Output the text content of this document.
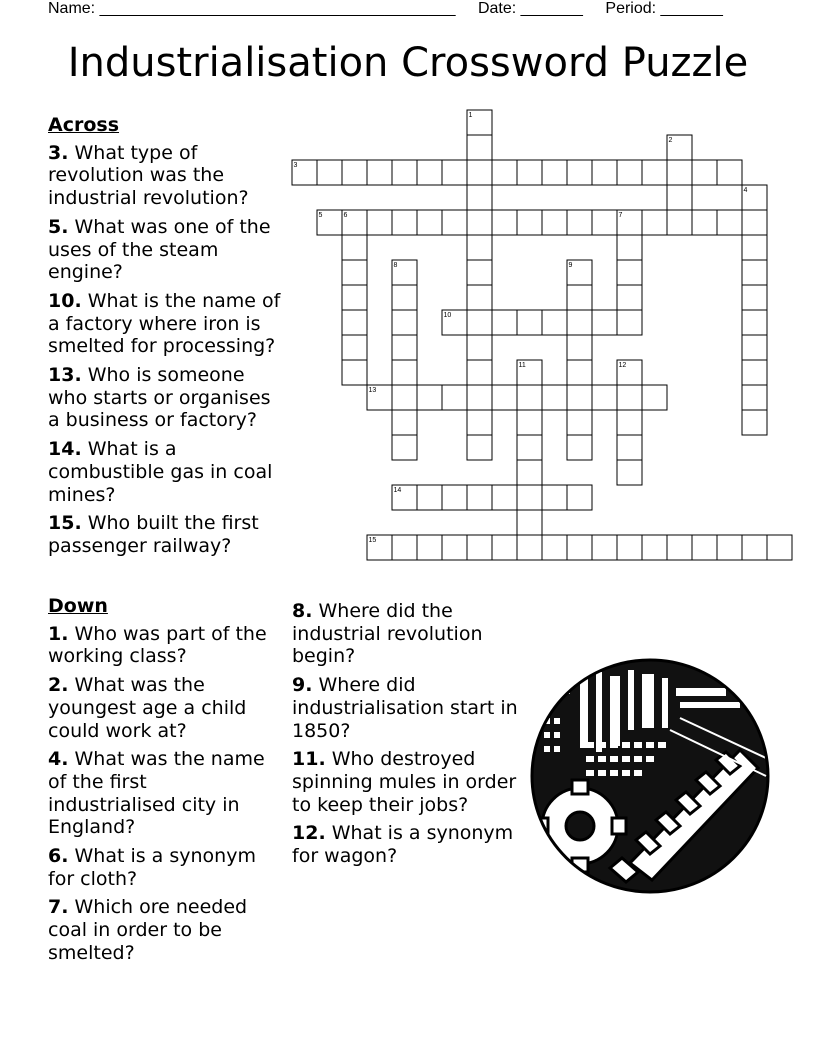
Name: ________________________________________ Date: _______ Period: _______
Industrialisation Crossword Puzzle
1
2
3
4
5	6	7
8	9
10
11	12
13
14
15
Across
3. What type of revolution was the industrial revolution?
5. What was one of the uses of the steam engine?
10. What is the name of a factory where iron is smelted for processing?
13. Who is someone who starts or organises a business or factory?
14. What is a combustible gas in coal mines?
15. Who built the first passenger railway?
Down
1. Who was part of the working class?
2. What was the youngest age a child could work at?
4. What was the name of the first industrialised city in England?
6. What is a synonym for cloth?
7. Which ore needed coal in order to be smelted?
8. Where did the industrial revolution begin?
9. Where did industrialisation start in 1850?
11. Who destroyed spinning mules in order to keep their jobs?
12. What is a synonym for wagon?
